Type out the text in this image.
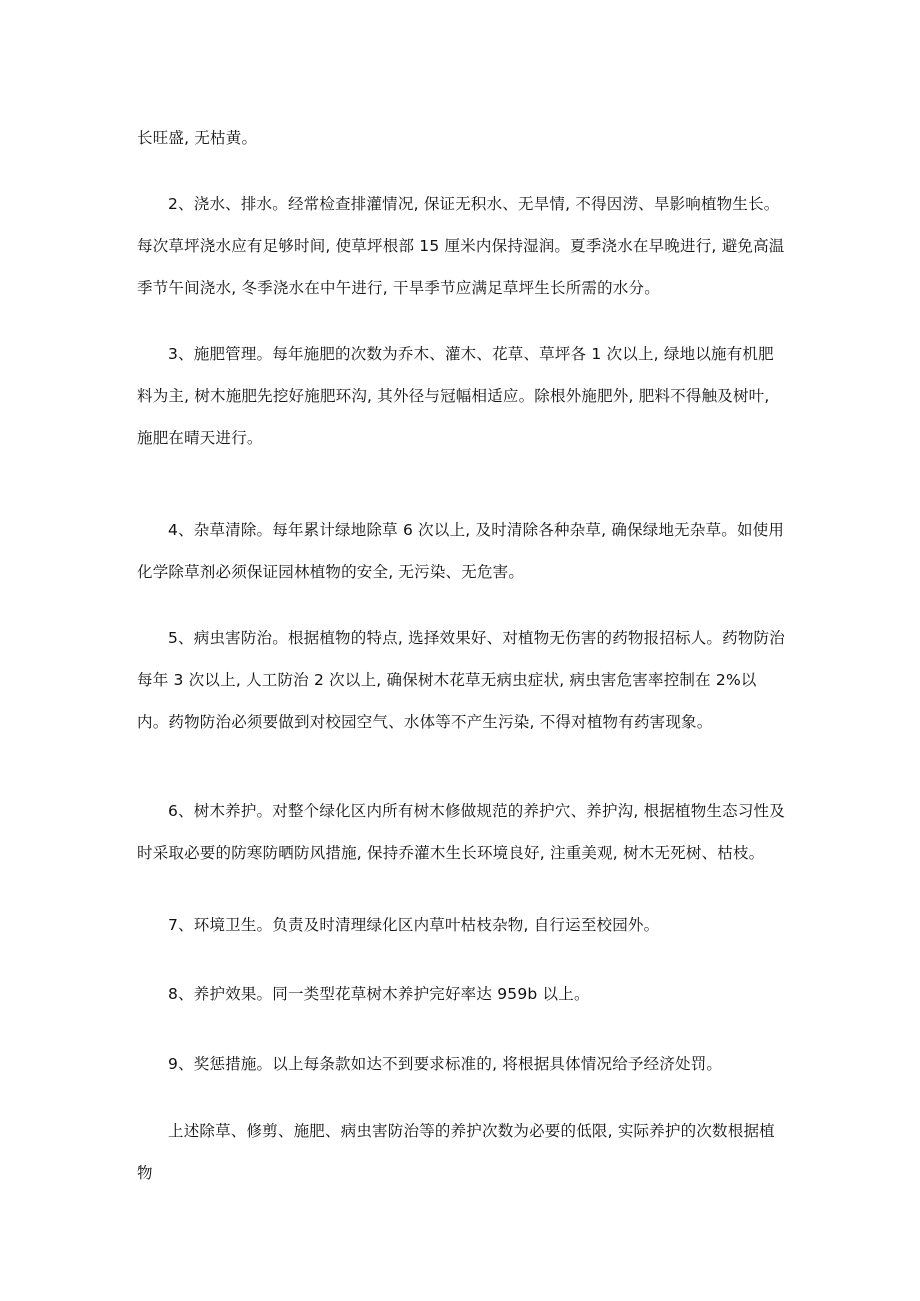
长旺盛, 无枯黄。

2、浇水、排水。经常检查排灌情况, 保证无积水、无旱情, 不得因涝、旱影响植物生长。每次草坪浇水应有足够时间, 使草坪根部 15 厘米内保持湿润。夏季浇水在早晚进行, 避免高温季节午间浇水, 冬季浇水在中午进行, 干旱季节应满足草坪生长所需的水分。

3、施肥管理。每年施肥的次数为乔木、灌木、花草、草坪各 1 次以上, 绿地以施有机肥料为主, 树木施肥先挖好施肥环沟, 其外径与冠幅相适应。除根外施肥外, 肥料不得触及树叶, 施肥在晴天进行。

4、杂草清除。每年累计绿地除草 6 次以上, 及时清除各种杂草, 确保绿地无杂草。如使用化学除草剂必须保证园林植物的安全, 无污染、无危害。

5、病虫害防治。根据植物的特点, 选择效果好、对植物无伤害的药物报招标人。药物防治每年 3 次以上, 人工防治 2 次以上, 确保树木花草无病虫症状, 病虫害危害率控制在 2%以内。药物防治必须要做到对校园空气、水体等不产生污染, 不得对植物有药害现象。

6、树木养护。对整个绿化区内所有树木修做规范的养护穴、养护沟, 根据植物生态习性及时采取必要的防寒防晒防风措施, 保持乔灌木生长环境良好, 注重美观, 树木无死树、枯枝。

7、环境卫生。负责及时清理绿化区内草叶枯枝杂物, 自行运至校园外。

8、养护效果。同一类型花草树木养护完好率达 959b 以上。

9、奖惩措施。以上每条款如达不到要求标准的, 将根据具体情况给予经济处罚。

上述除草、修剪、施肥、病虫害防治等的养护次数为必要的低限, 实际养护的次数根据植物
